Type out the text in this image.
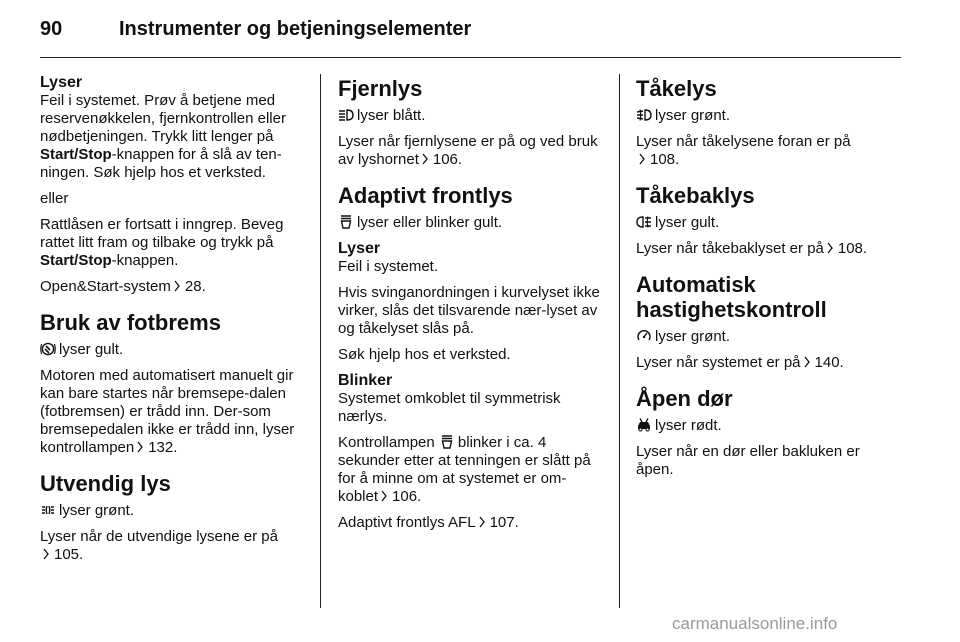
90	Instrumenter og betjeningselementer
Lyser

Feil i systemet. Prøv å betjene med reservenøkkelen, fjernkontrollen eller nødbetjeningen. Trykk litt lenger på Start/Stop-knappen for å slå av ten-ningen. Søk hjelp hos et verksted.

eller

Rattlåsen er fortsatt i inngrep. Beveg rattet litt fram og tilbake og trykk på Start/Stop-knappen.

Open&Start-system 28.

Bruk av fotbrems

lyser gult.

Motoren med automatisert manuelt gir kan bare startes når bremsepe-dalen (fotbremsen) er trådd inn. Der-som bremsepedalen ikke er trådd inn, lyser kontrollampen 132.

Utvendig lys

lyser grønt.

Lyser når de utvendige lysene er på

105.

Fjernlys

lyser blått.

Lyser når fjernlysene er på og ved bruk av lyshornet 106.

Adaptivt frontlys

lyser eller blinker gult.

Lyser

Feil i systemet.

Hvis svinganordningen i kurvelyset ikke virker, slås det tilsvarende nær-lyset av og tåkelyset slås på.

Søk hjelp hos et verksted.

Blinker

Systemet omkoblet til symmetrisk nærlys.

Kontrollampen blinker i ca. 4 sekunder etter at tenningen er slått på for å minne om at systemet er om-koblet 106.

Adaptivt frontlys AFL 107.

Tåkelys

lyser grønt.

Lyser når tåkelysene foran er på

108.

Tåkebaklys

lyser gult.

Lyser når tåkebaklyset er på 108.

Automatisk hastighetskontroll

lyser grønt.

Lyser når systemet er på 140.

Åpen dør

lyser rødt.

Lyser når en dør eller bakluken er åpen.

carmanualsonline.info
